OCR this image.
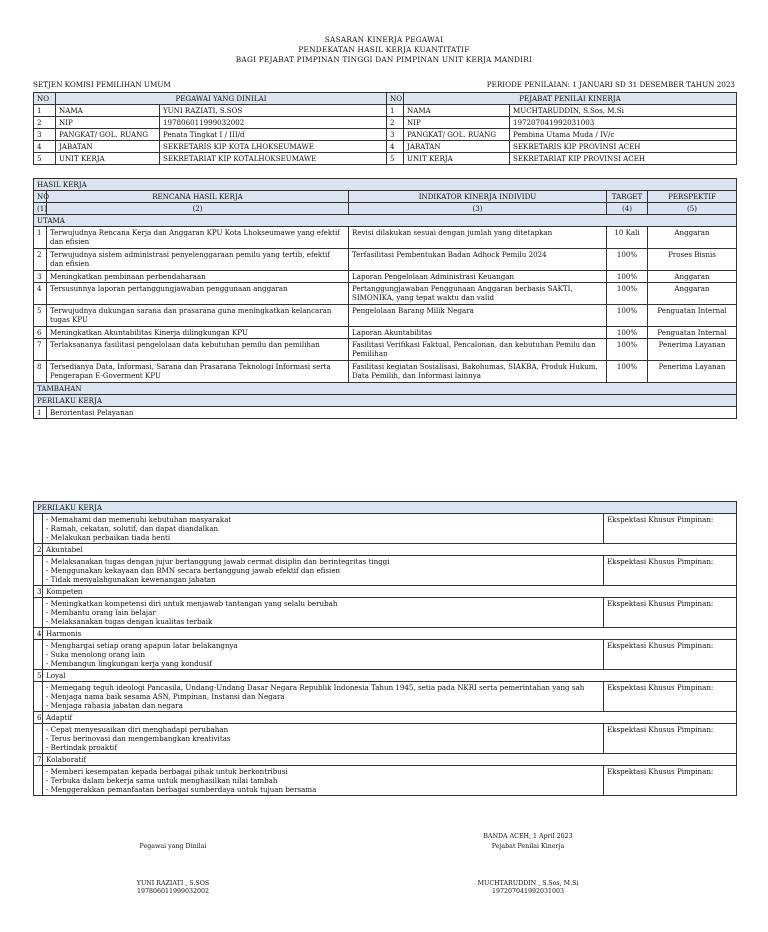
SASARAN KINERJA PEGAWAI
PENDEKATAN HASIL KERJA KUANTITATIF
BAGI PEJABAT PIMPINAN TINGGI DAN PIMPINAN UNIT KERJA MANDIRI
SETJEN KOMISI PEMILIHAN UMUM	PERIODE PENILAIAN: 1 JANUARI SD 31 DESEMBER TAHUN 2023
NO	PEGAWAI YANG DINILAI		NO	PEJABAT PENILAI KINERJA	
1	NAMA	YUNI RAZIATI, S.SOS	1	NAMA	MUCHTARUDDIN, S.Sos, M.Si
2	NIP	197806011999032002	2	NIP	197207041992031003
3	PANGKAT/ GOL. RUANG	Penata Tingkat I / III/d	3	PANGKAT/ GOL. RUANG	Pembina Utama Muda / IV/c
4	JABATAN	SEKRETARIS KIP KOTA LHOKSEUMAWE	4	JABATAN	SEKRETARIS KIP PROVINSI ACEH
5	UNIT KERJA	SEKRETARIAT KIP KOTALHOKSEUMAWE	5	UNIT KERJA	SEKRETARIAT KIP PROVINSI ACEH
HASIL KERJA				
NO	RENCANA HASIL KERJA	INDIKATOR KINERJA INDIVIDU	TARGET	PERSPEKTIF
(1)	(2)	(3)	(4)	(5)
UTAMA				
1	Terwujudnya Rencana Kerja dan Anggaran KPU Kota Lhokseumawe yang efektif dan efisien	Revisi dilakukan sesuai dengan jumlah yang ditetapkan	10 Kali	Anggaran
2	Terwujudnya sistem administrasi penyelenggaraan pemilu yang tertib, efektif dan efisien	Terfasilitasi Pembentukan Badan Adhock Pemilu 2024	100%	Proses Bisnis
3	Meningkatkan pembinaan perbendaharaan	Laporan Pengelolaan Administrasi Keuangan	100%	Anggaran
4	Tersusunnya laporan pertanggungjawaban penggunaan anggaran	Pertanggungjawaban Penggunaan Anggaran berbasis SAKTI, SIMONIKA, yang tepat waktu dan valid	100%	Anggaran
5	Terwujudnya dukungan sarana dan prasarana guna meningkatkan kelancaran tugas KPU	Pengelolaan Barang Milik Negara	100%	Penguatan Internal
6	Meningkatkan Akuntabilitas Kinerja dilingkungan KPU	Laporan Akuntabilitas	100%	Penguatan Internal
7	Terlaksananya fasilitasi pengelolaan data kebutuhan pemilu dan pemilihan	Fasilitasi Verifikasi Faktual, Pencalonan, dan kebutuhan Pemilu dan Pemilihan	100%	Penerima Layanan
8	Tersedianya Data, Informasi, Sarana dan Prasarana Teknologi Informasi serta Pengerapan E-Goverment KPU	Fasilitasi kegiatan Sosialisasi, Bakohumas, SIAKBA, Produk Hukum, Data Pemilih, dan Informasi lainnya	100%	Penerima Layanan
TAMBAHAN				
PERILAKU KERJA				
1	Berorientasi Pelayanan			
PERILAKU KERJA		

	- Memahami dan memenuhi kebutuhan masyarakat
- Ramah, cekatan, solutif, dan dapat diandalkan
- Melakukan perbaikan tiada henti	Ekspektasi Khusus Pimpinan:
2	Akuntabel	

	- Melaksanakan tugas dengan jujur bertanggung jawab cermat disiplin dan berintegritas tinggi
- Menggunakan kekayaan dan BMN secara bertanggung jawab efektif dan efisien
- Tidak menyalahgunakan kewenangan jabatan	Ekspektasi Khusus Pimpinan:
3	Kompeten	

	- Meningkatkan kompetensi diri untuk menjawab tantangan yang selalu berubah
- Membantu orang lain belajar
- Melaksanakan tugas dengan kualitas terbaik	Ekspektasi Khusus Pimpinan:
4	Harmonis	

	- Menghargai setiap orang apapun latar belakangnya
- Suka menolong orang lain
- Membangun lingkungan kerja yang kondusif	Ekspektasi Khusus Pimpinan:
5	Loyal	

	- Memegang teguh ideologi Pancasila, Undang-Undang Dasar Negara Republik Indonesia Tahun 1945, setia pada NKRI serta pemerintahan yang sah
- Menjaga nama baik sesama ASN, Pimpinan, Instansi dan Negara
- Menjaga rahasia jabatan dan negara	Ekspektasi Khusus Pimpinan:
6	Adaptif	

	- Cepat menyesuaikan diri menghadapi perubahan
- Terus berinovasi dan mengembangkan kreativitas
- Bertindak proaktif	Ekspektasi Khusus Pimpinan:
7	Kolaboratif	

	- Memberi kesempatan kepada berbagai pihak untuk berkontribusi
- Terbuka dalam bekerja sama untuk menghasilkan nilai tambah
- Menggerakkan pemanfaatan berbagai sumberdaya untuk tujuan bersama	Ekspektasi Khusus Pimpinan:
BANDA ACEH, 1 April 2023
Pegawai yang Dinilai	Pejabat Penilai Kinerja
YUNI RAZIATI , S.SOS
197806011999032002
MUCHTARUDDIN , S.Sos, M.Si
197207041992031003
